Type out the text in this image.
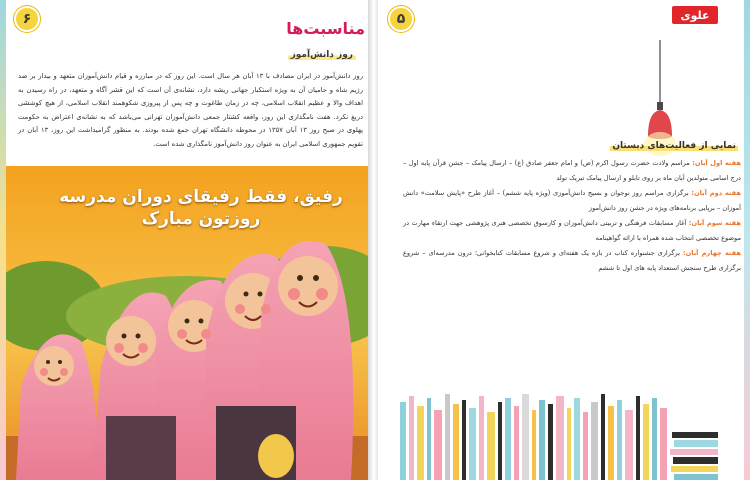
۶	مناسبت‌ها
روز دانش‌آموز

روز دانش‌آموز در ایران مصادف با ۱۳ آبان هر سال است. این روز که در مبارزه و قیام دانش‌آموزان متعهد و بیدار بر ضد رژیم شاه و حامیان آن به ویژه استکبار جهانی ریشه دارد، نشانه‌ی آن است که این قشر آگاه و متعهد، در راه رسیدن به اهداف والا و عظیم انقلاب اسلامی، چه در زمان طاغوت و چه پس از پیروزی شکوهمند انقلاب اسلامی، از هیچ کوششی دریغ نکرد. هفت نامگذاری این روز، واقعه کشتار جمعی دانش‌آموزان تهرانی می‌باشد که به نشانه‌ی اعتراض به حکومت پهلوی در صبح روز ۱۳ آبان ۱۳۵۷ در محوطه دانشگاه تهران جمع شده بودند. به منظور گرامیداشت این روز، ۱۳ آبان در تقویم جمهوری اسلامی ایران به عنوان روز دانش‌آموز نامگذاری شده است.

رفیق، فقط رفیقای دوران مدرسه
روزتون مبارک
۵	علوی
نمایی از فعالیت‌های دبستان

هفته اول آبان: مراسم ولادت حضرت رسول اکرم (ص) و امام جعفر صادق (ع) – ارسال پیامک – جشن قرآن پایه اول – درج اسامی متولدین آبان ماه بر روی تابلو و ارسال پیامک تبریک تولد

هفته دوم آبان: برگزاری مراسم روز نوجوان و بسیج دانش‌آموزی (ویژه پایه ششم) – آغاز طرح «پایش سلامت» دانش آموزان – برپایی برنامه‌های ویژه در جشن روز دانش‌آموز

هفته سوم آبان: آغاز مسابقات فرهنگی و تربیتی دانش‌آموزان و کارسوق تخصصی هنری پژوهشی جهت ارتقاء مهارت در موضوع تخصصی انتخاب شده همراه با ارائه گواهینامه

هفته چهارم آبان: برگزاری جشنواره کتاب در بازه یک هفته‌ای و شروع مسابقات کتابخوانی؛ درون مدرسه‌ای – شروع برگزاری طرح سنجش استعداد پایه های اول تا ششم
